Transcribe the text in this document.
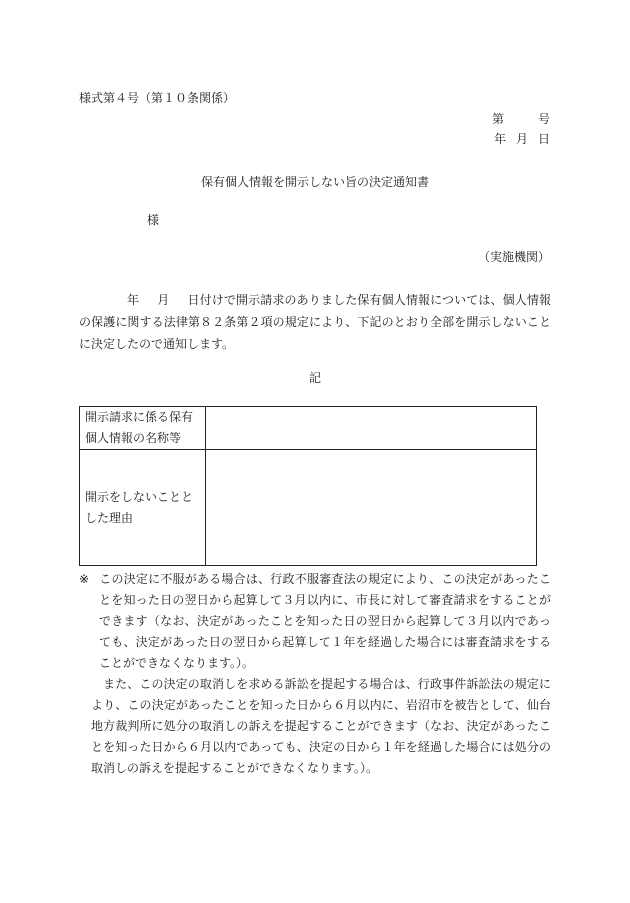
様式第４号（第１０条関係）
第	号
年 月 日
保有個人情報を開示しない旨の決定通知書
様
（実施機関）
年 月 日付けで開示請求のありました保有個人情報については、個人情報の保護に関する法律第８２条第２項の規定により、下記のとおり全部を開示しないことに決定したので通知します。
記
開示請求に係る保有個人情報の名称等	
開示をしないこととした理由	
※ この決定に不服がある場合は、行政不服審査法の規定により、この決定があったことを知った日の翌日から起算して３月以内に、市長に対して審査請求をすることができます（なお、決定があったことを知った日の翌日から起算して３月以内であっても、決定があった日の翌日から起算して１年を経過した場合には審査請求をすることができなくなります。）。
また、この決定の取消しを求める訴訟を提起する場合は、行政事件訴訟法の規定により、この決定があったことを知った日から６月以内に、岩沼市を被告として、仙台地方裁判所に処分の取消しの訴えを提起することができます（なお、決定があったことを知った日から６月以内であっても、決定の日から１年を経過した場合には処分の取消しの訴えを提起することができなくなります。）。
